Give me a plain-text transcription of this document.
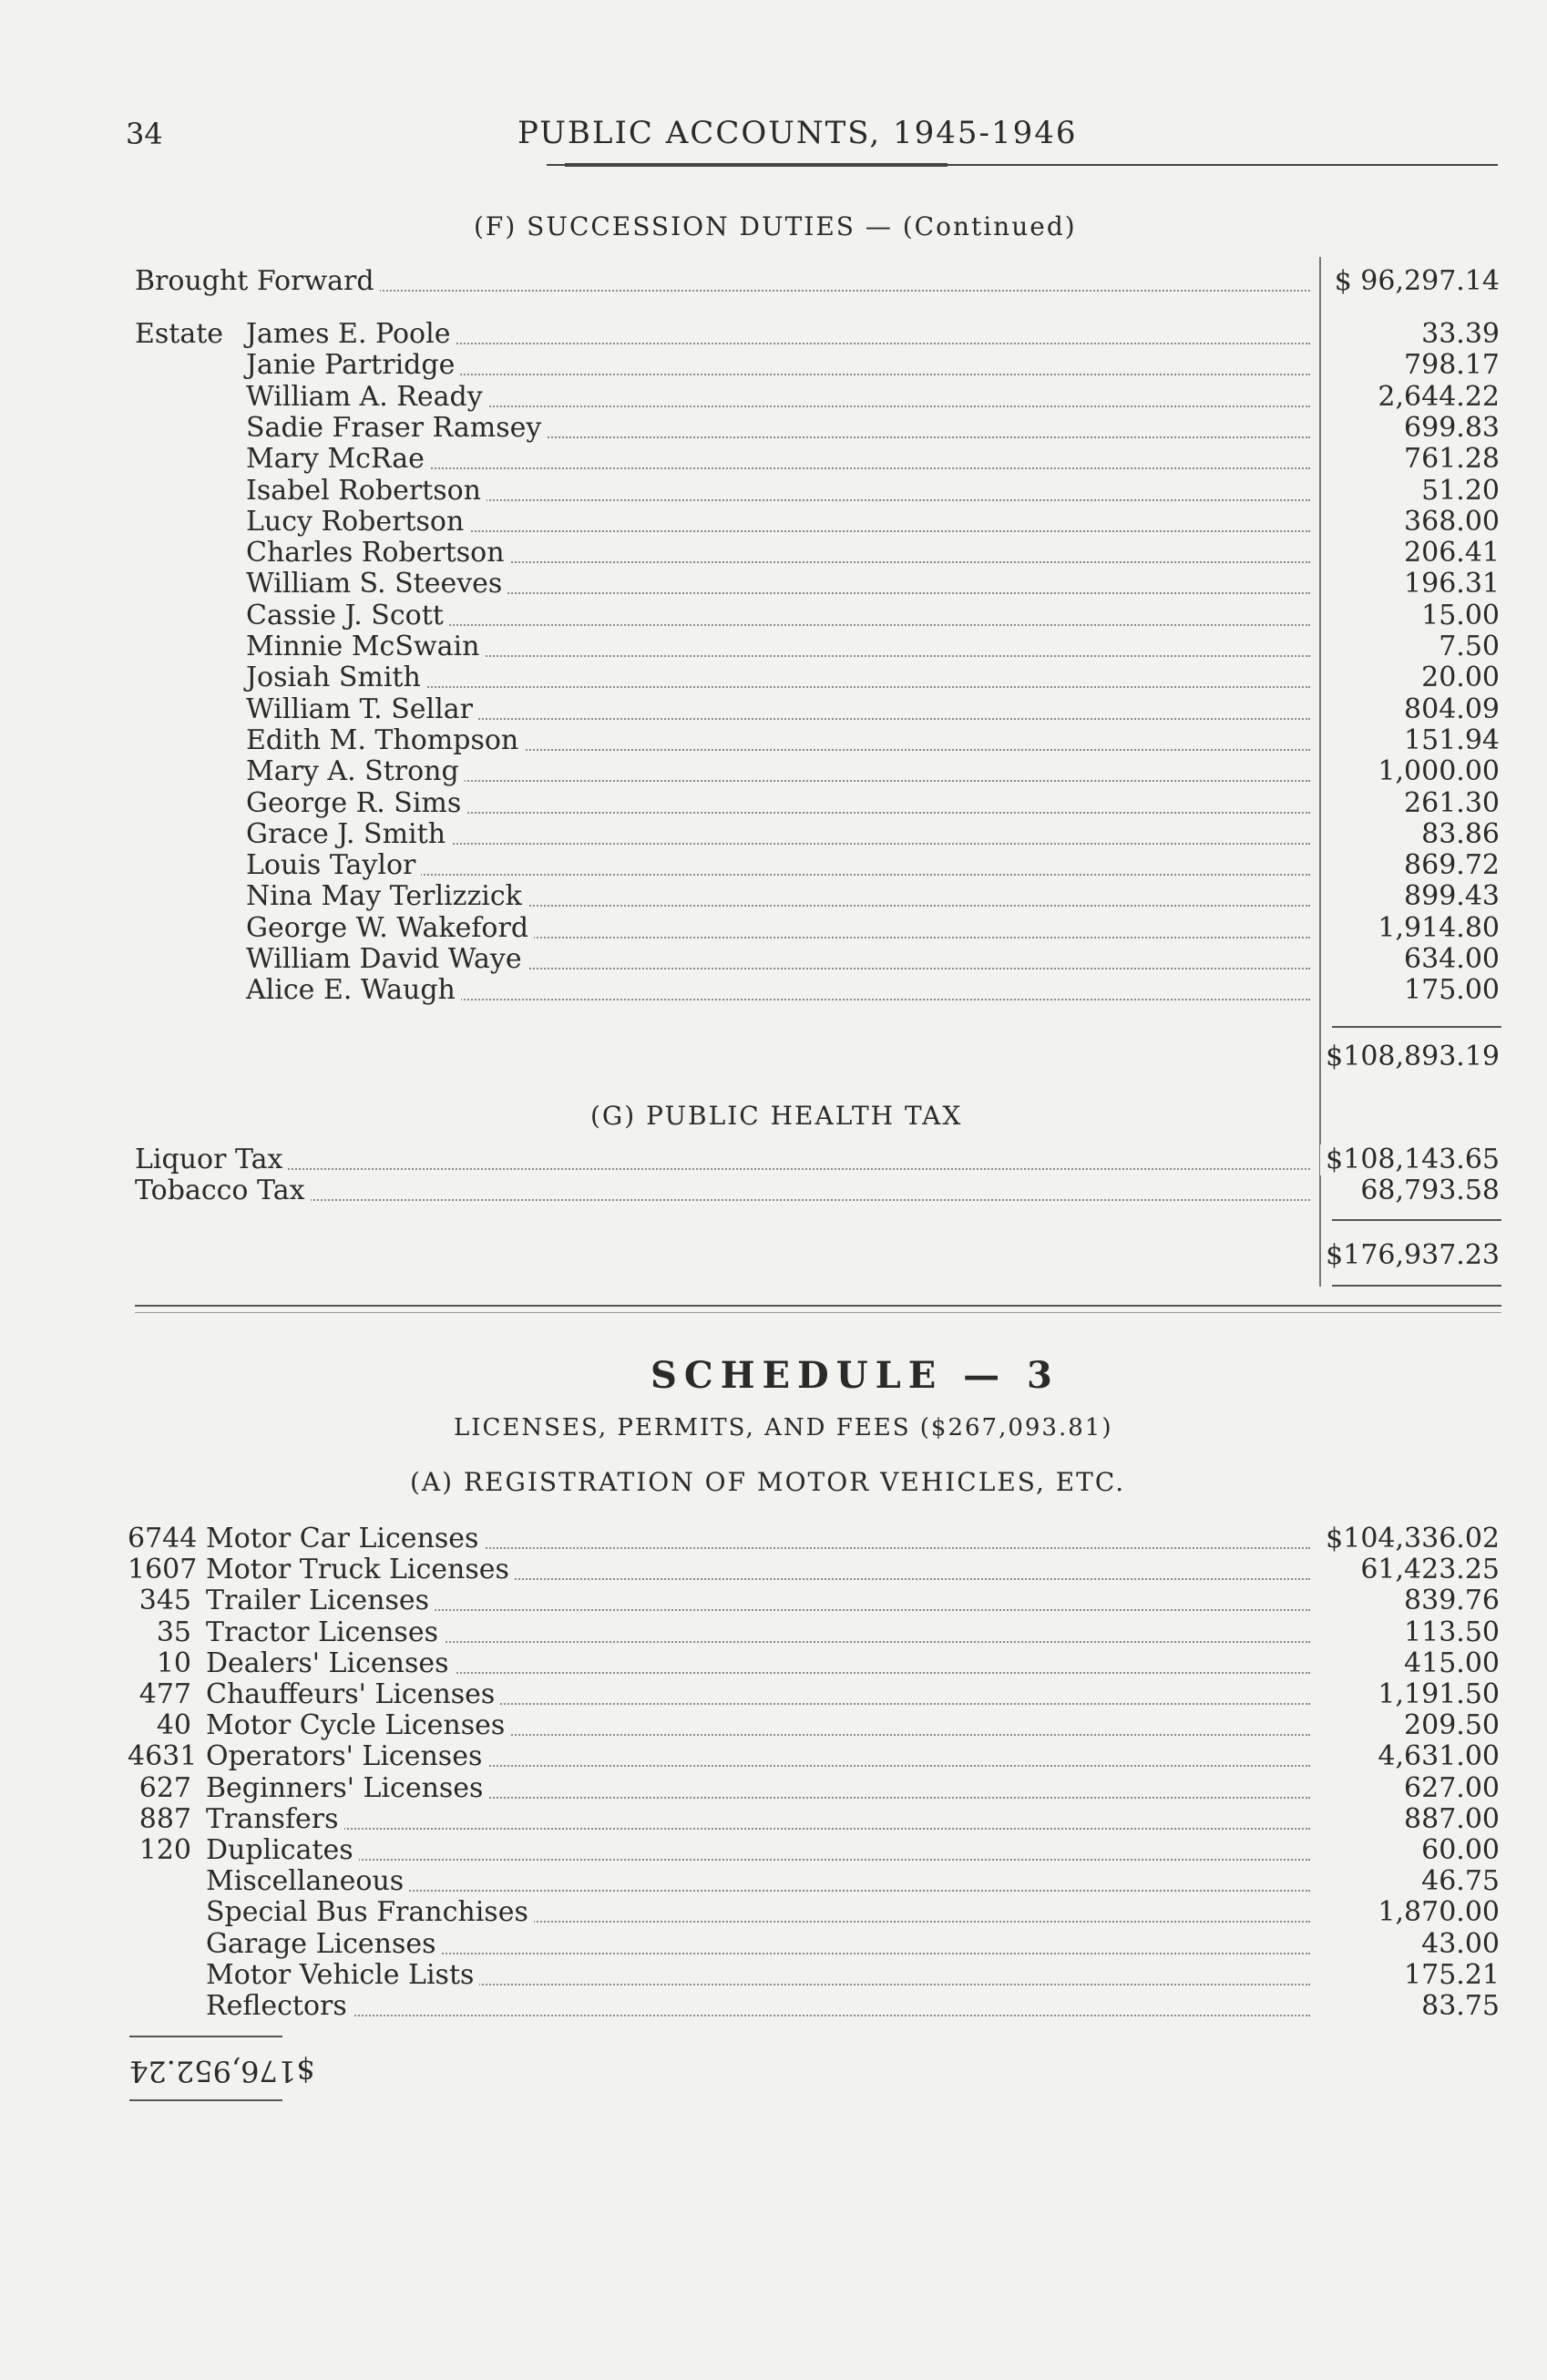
34	PUBLIC ACCOUNTS, 1945-1946
(F) SUCCESSION DUTIES — (Continued)
Brought Forward	$ 96,297.14
Estate James E. Poole	33.39
Janie Partridge	798.17
William A. Ready	2,644.22
Sadie Fraser Ramsey	699.83
Mary McRae	761.28
Isabel Robertson	51.20
Lucy Robertson	368.00
Charles Robertson	206.41
William S. Steeves	196.31
Cassie J. Scott	15.00
Minnie McSwain	7.50
Josiah Smith	20.00
William T. Sellar	804.09
Edith M. Thompson	151.94
Mary A. Strong	1,000.00
George R. Sims	261.30
Grace J. Smith	83.86
Louis Taylor	869.72
Nina May Terlizzick	899.43
George W. Wakeford	1,914.80
William David Waye	634.00
Alice E. Waugh	175.00
$108,893.19
(G) PUBLIC HEALTH TAX
Liquor Tax	$108,143.65
Tobacco Tax	68,793.58
$176,937.23
SCHEDULE — 3
LICENSES, PERMITS, AND FEES ($267,093.81)
(A) REGISTRATION OF MOTOR VEHICLES, ETC.
6744 Motor Car Licenses	$104,336.02
1607 Motor Truck Licenses	61,423.25
345 Trailer Licenses	839.76
35 Tractor Licenses	113.50
10 Dealers' Licenses	415.00
477 Chauffeurs' Licenses	1,191.50
40 Motor Cycle Licenses	209.50
4631 Operators' Licenses	4,631.00
627 Beginners' Licenses	627.00
887 Transfers	887.00
120 Duplicates	60.00
Miscellaneous	46.75
Special Bus Franchises	1,870.00
Garage Licenses	43.00
Motor Vehicle Lists	175.21
Reflectors	83.75
$176,952.24
